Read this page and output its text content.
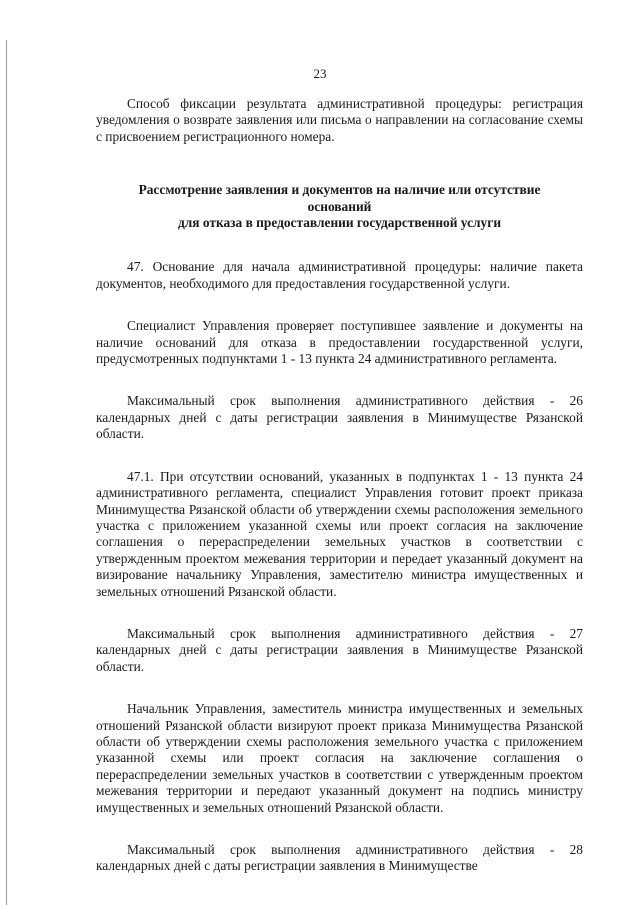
23

Способ фиксации результата административной процедуры: регистрация уведомления о возврате заявления или письма о направлении на согласование схемы с присвоением регистрационного номера.

Рассмотрение заявления и документов на наличие или отсутствие
оснований
для отказа в предоставлении государственной услуги

47. Основание для начала административной процедуры: наличие пакета документов, необходимого для предоставления государственной услуги.

Специалист Управления проверяет поступившее заявление и документы на наличие оснований для отказа в предоставлении государственной услуги, предусмотренных подпунктами 1 - 13 пункта 24 административного регламента.

Максимальный срок выполнения административного действия - 26 календарных дней с даты регистрации заявления в Минимуществе Рязанской области.

47.1. При отсутствии оснований, указанных в подпунктах 1 - 13 пункта 24 административного регламента, специалист Управления готовит проект приказа Минимущества Рязанской области об утверждении схемы расположения земельного участка с приложением указанной схемы или проект согласия на заключение соглашения о перераспределении земельных участков в соответствии с утвержденным проектом межевания территории и передает указанный документ на визирование начальнику Управления, заместителю министра имущественных и земельных отношений Рязанской области.

Максимальный срок выполнения административного действия - 27 календарных дней с даты регистрации заявления в Минимуществе Рязанской области.

Начальник Управления, заместитель министра имущественных и земельных отношений Рязанской области визируют проект приказа Минимущества Рязанской области об утверждении схемы расположения земельного участка с приложением указанной схемы или проект согласия на заключение соглашения о перераспределении земельных участков в соответствии с утвержденным проектом межевания территории и передают указанный документ на подпись министру имущественных и земельных отношений Рязанской области.

Максимальный срок выполнения административного действия - 28 календарных дней с даты регистрации заявления в Минимуществе
